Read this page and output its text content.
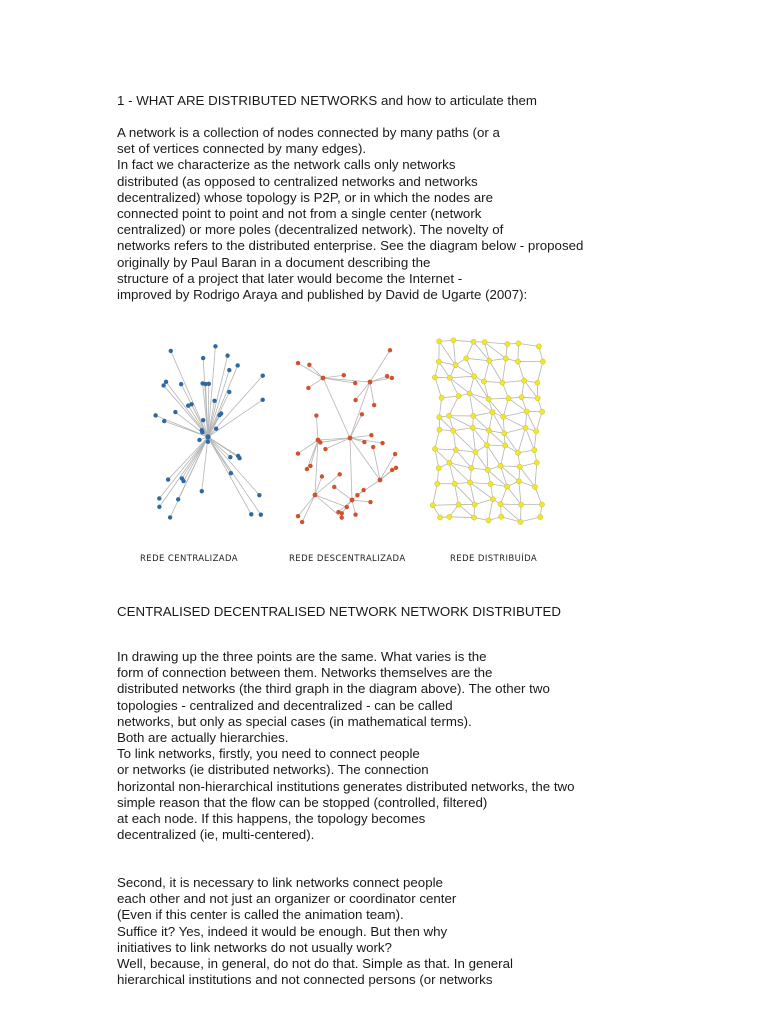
1 - WHAT ARE DISTRIBUTED NETWORKS and how to articulate them

A network is a collection of nodes connected by many paths (or a
set of vertices connected by many edges).
In fact we characterize as the network calls only networks
distributed (as opposed to centralized networks and networks
decentralized) whose topology is P2P, or in which the nodes are
connected point to point and not from a single center (network
centralized) or more poles (decentralized network). The novelty of
networks refers to the distributed enterprise. See the diagram below - proposed
originally by Paul Baran in a document describing the
structure of a project that later would become the Internet -
improved by Rodrigo Araya and published by David de Ugarte (2007):

REDE CENTRALIZADA	REDE DESCENTRALIZADA	REDE DISTRIBUÍDA
CENTRALISED DECENTRALISED NETWORK NETWORK DISTRIBUTED

In drawing up the three points are the same. What varies is the
form of connection between them. Networks themselves are the
distributed networks (the third graph in the diagram above). The other two
topologies - centralized and decentralized - can be called
networks, but only as special cases (in mathematical terms).
Both are actually hierarchies.
To link networks, firstly, you need to connect people
or networks (ie distributed networks). The connection
horizontal non-hierarchical institutions generates distributed networks, the two
simple reason that the flow can be stopped (controlled, filtered)
at each node. If this happens, the topology becomes
decentralized (ie, multi-centered).

Second, it is necessary to link networks connect people
each other and not just an organizer or coordinator center
(Even if this center is called the animation team).
Suffice it? Yes, indeed it would be enough. But then why
initiatives to link networks do not usually work?
Well, because, in general, do not do that. Simple as that. In general
hierarchical institutions and not connected persons (or networks
